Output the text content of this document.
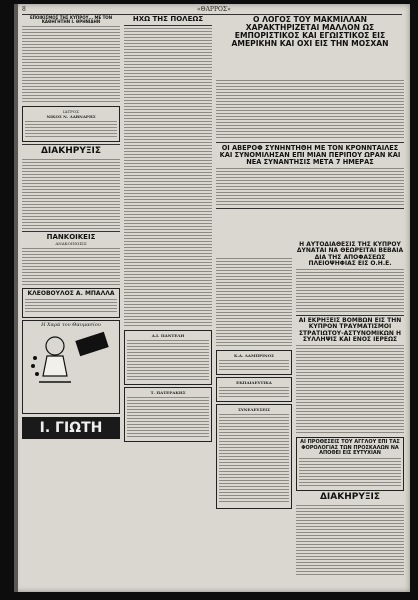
8	«ΘΑΡΡΟΣ»
ΕΠΟΙΚΙΣΜΟΣ ΤΗΣ ΚΥΠΡΟΥ... ΜΕ ΤΟΝ ΚΑΘΗΓΗΤΗΝ Ι. ΘΡΗΝΙΔΗΝ
ΙΑΤΡΟΣ
ΝΙΚΟΣ Ν. ΛΑΒΝΑΡΗΣ
ΔΙΑΚΗΡΥΞΙΣ
ΠΑΝΚΟΙΚΕΙΣ
ΑΝΑΚΟΙΝΩΣΙΣ
ΚΛΕΟΒΟΥΛΟΣ Α. ΜΠΑΛΛΑ
Η Χαρά του Θαυμασίου
Ι. ΓΙΩΤΗ
ΗΧΩ ΤΗΣ ΠΟΛΕΩΣ
Α.Ι. ΠΑΝΤΕΛΗ
Τ. ΠΑΤΕΡΑΚΗΣ
Κ.Α. ΛΑΜΠΡΙΝΟΣ
ΕΚΠΑΙΔΕΥΤΙΚΑ
ΣΥΝΕΛΕΥΣΕΙΣ
Ο ΛΟΓΟΣ ΤΟΥ ΜΑΚΜΙΛΛΑΝ ΧΑΡΑΚΤΗΡΙΖΕΤΑΙ ΜΑΛΛΟΝ ΩΣ ΕΜΠΟΡΙΣΤΙΚΟΣ ΚΑΙ ΕΓΩΙΣΤΙΚΟΣ ΕΙΣ ΑΜΕΡΙΚΗΝ ΚΑΙ ΟΧΙ ΕΙΣ ΤΗΝ ΜΟΣΧΑΝ
ΟΙ ΑΒΕΡΟΦ ΣΥΝΗΝΤΗΘΗ ΜΕ ΤΟΝ ΚΡΟΝΝΤΑΙΛΕΣ ΚΑΙ ΣΥΝΟΜΙΛΗΣΑΝ ΕΠΙ ΜΙΑΝ ΠΕΡΙΠΟΥ ΩΡΑΝ ΚΑΙ ΝΕΑ ΣΥΝΑΝΤΗΣΙΣ ΜΕΤΑ 7 ΗΜΕΡΑΣ
Η ΑΥΤΟΔΙΑΘΕΣΙΣ ΤΗΣ ΚΥΠΡΟΥ ΔΥΝΑΤΑΙ ΝΑ ΘΕΩΡΕΙΤΑΙ ΒΕΒΑΙΑ ΔΙΑ ΤΗΣ ΑΠΟΦΑΣΕΩΣ ΠΛΕΙΟΨΗΦΙΑΣ ΕΙΣ Ο.Η.Ε.
ΑΙ ΕΚΡΗΞΕΙΣ ΒΟΜΒΩΝ ΕΙΣ ΤΗΝ ΚΥΠΡΟΝ ΤΡΑΥΜΑΤΙΣΜΟΙ ΣΤΡΑΤΙΩΤΟΥ-ΑΣΤΥΝΟΜΙΚΩΝ Η ΣΥΛΛΗΨΙΣ ΚΑΙ ΕΝΟΣ ΙΕΡΕΩΣ
ΑΙ ΠΡΟΘΕΣΕΙΣ ΤΟΥ ΑΓΓΛΟΥ ΕΠΙ ΤΑΣ ΦΟΡΟΛΟΓΙΑΣ ΤΩΝ ΠΡΟΣΚΑΛΩΝ ΝΑ ΑΠΟΘΕΙ ΕΙΣ ΕΥΤΥΧΙΑΝ
ΔΙΑΚΗΡΥΞΙΣ
